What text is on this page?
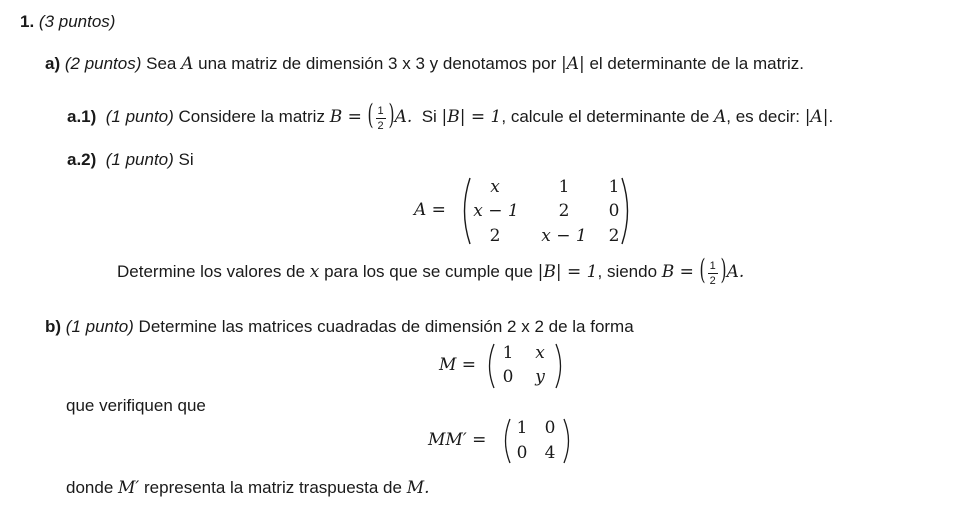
1. (3 puntos)
a) (2 puntos) Sea A una matriz de dimensión 3 x 3 y denotamos por |A| el determinante de la matriz.
a.1) (1 punto) Considere la matriz B = ( 1
2 ) A. Si |B| = 1, calcule el determinante de A, es decir: |A|.
a.2) (1 punto) Si
A =
x	1	1
x − 1	2	0
2	x − 1	2
Determine los valores de x para los que se cumple que |B| = 1, siendo B = ( 1
2 ) A.
b) (1 punto) Determine las matrices cuadradas de dimensión 2 x 2 de la forma
M =
1	x
0	y
que verifiquen que
MM′ =
1 0
0 4
donde M′ representa la matriz traspuesta de M.
